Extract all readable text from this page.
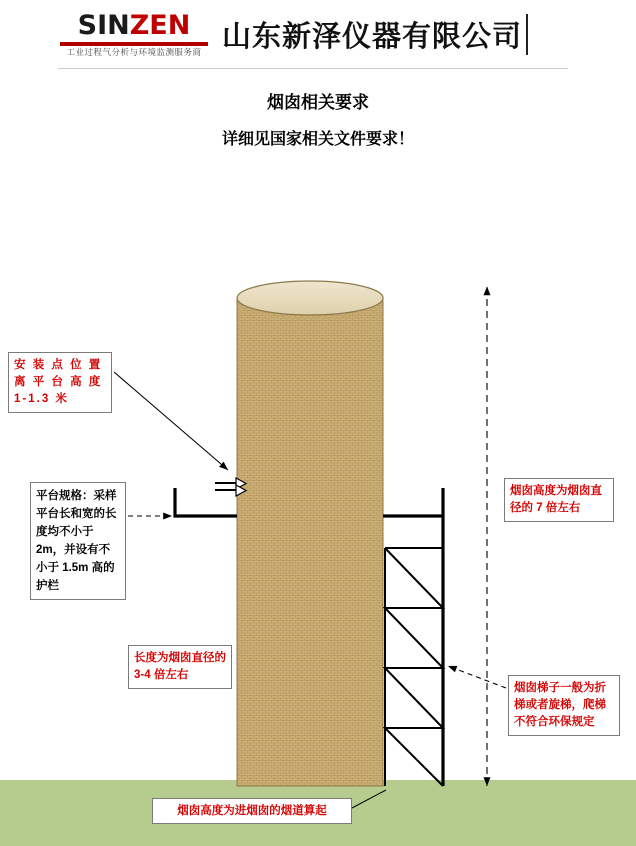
SINZEN
工业过程气分析与环境监测服务商 山东新泽仪器有限公司
烟囱相关要求
详细见国家相关文件要求！
安 装 点 位 置
离 平 台 高 度
1-1.3 米
平台规格：采样平台长和宽的长度均不小于2m，并设有不小于 1.5m 高的护栏
长度为烟囱直径的 3-4 倍左右
烟囱高度为烟囱直径的 7 倍左右
烟囱梯子一般为折梯或者旋梯，爬梯不符合环保规定
烟囱高度为进烟囱的烟道算起
